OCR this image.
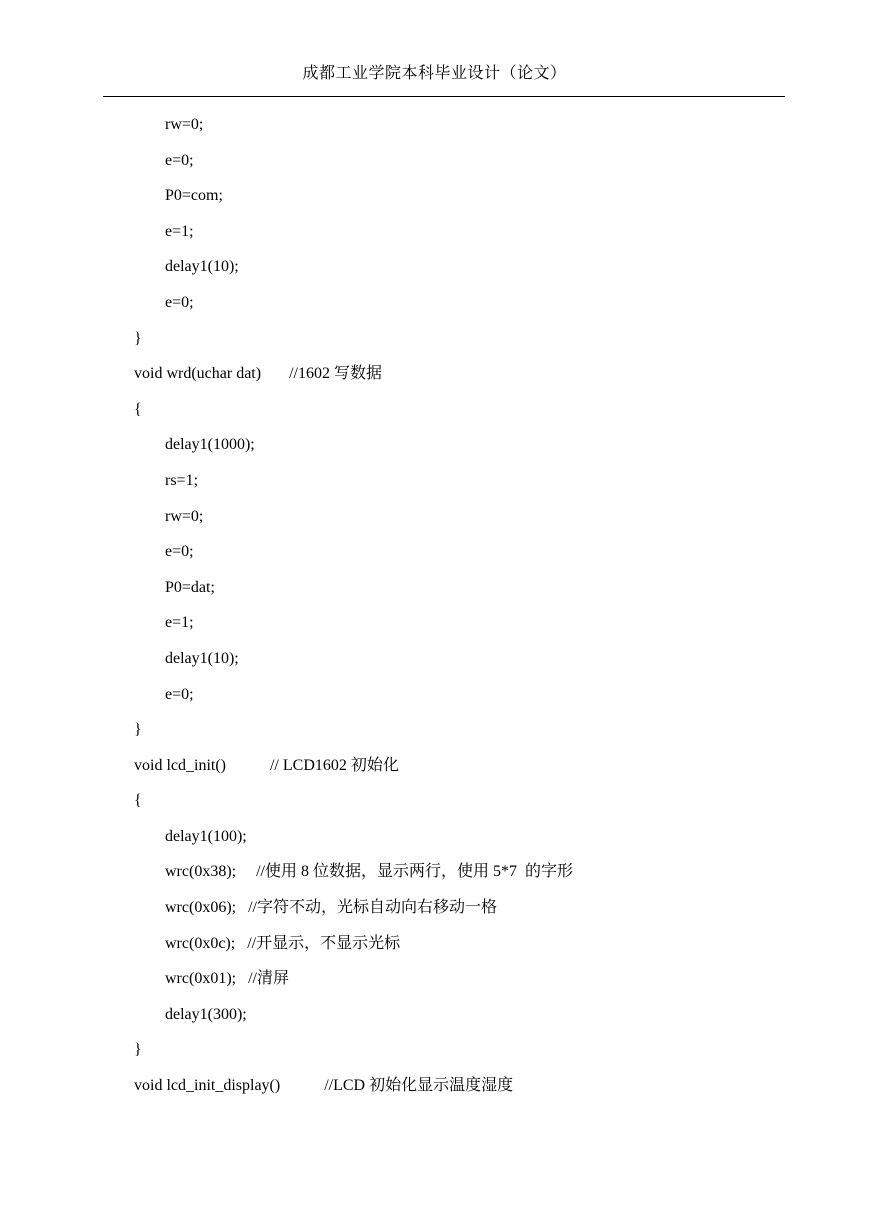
成都工业学院本科毕业设计（论文）
rw=0;
e=0;
P0=com;
e=1;
delay1(10);
e=0;
}
void wrd(uchar dat)       //1602 写数据
{
delay1(1000);
rs=1;
rw=0;
e=0;
P0=dat;
e=1;
delay1(10);
e=0;
}
void lcd_init()           // LCD1602 初始化
{
delay1(100);
wrc(0x38);     //使用 8 位数据，显示两行，使用 5*7  的字形
wrc(0x06);   //字符不动，光标自动向右移动一格
wrc(0x0c);   //开显示，不显示光标
wrc(0x01);   //清屏
delay1(300);
}
void lcd_init_display()           //LCD 初始化显示温度湿度
